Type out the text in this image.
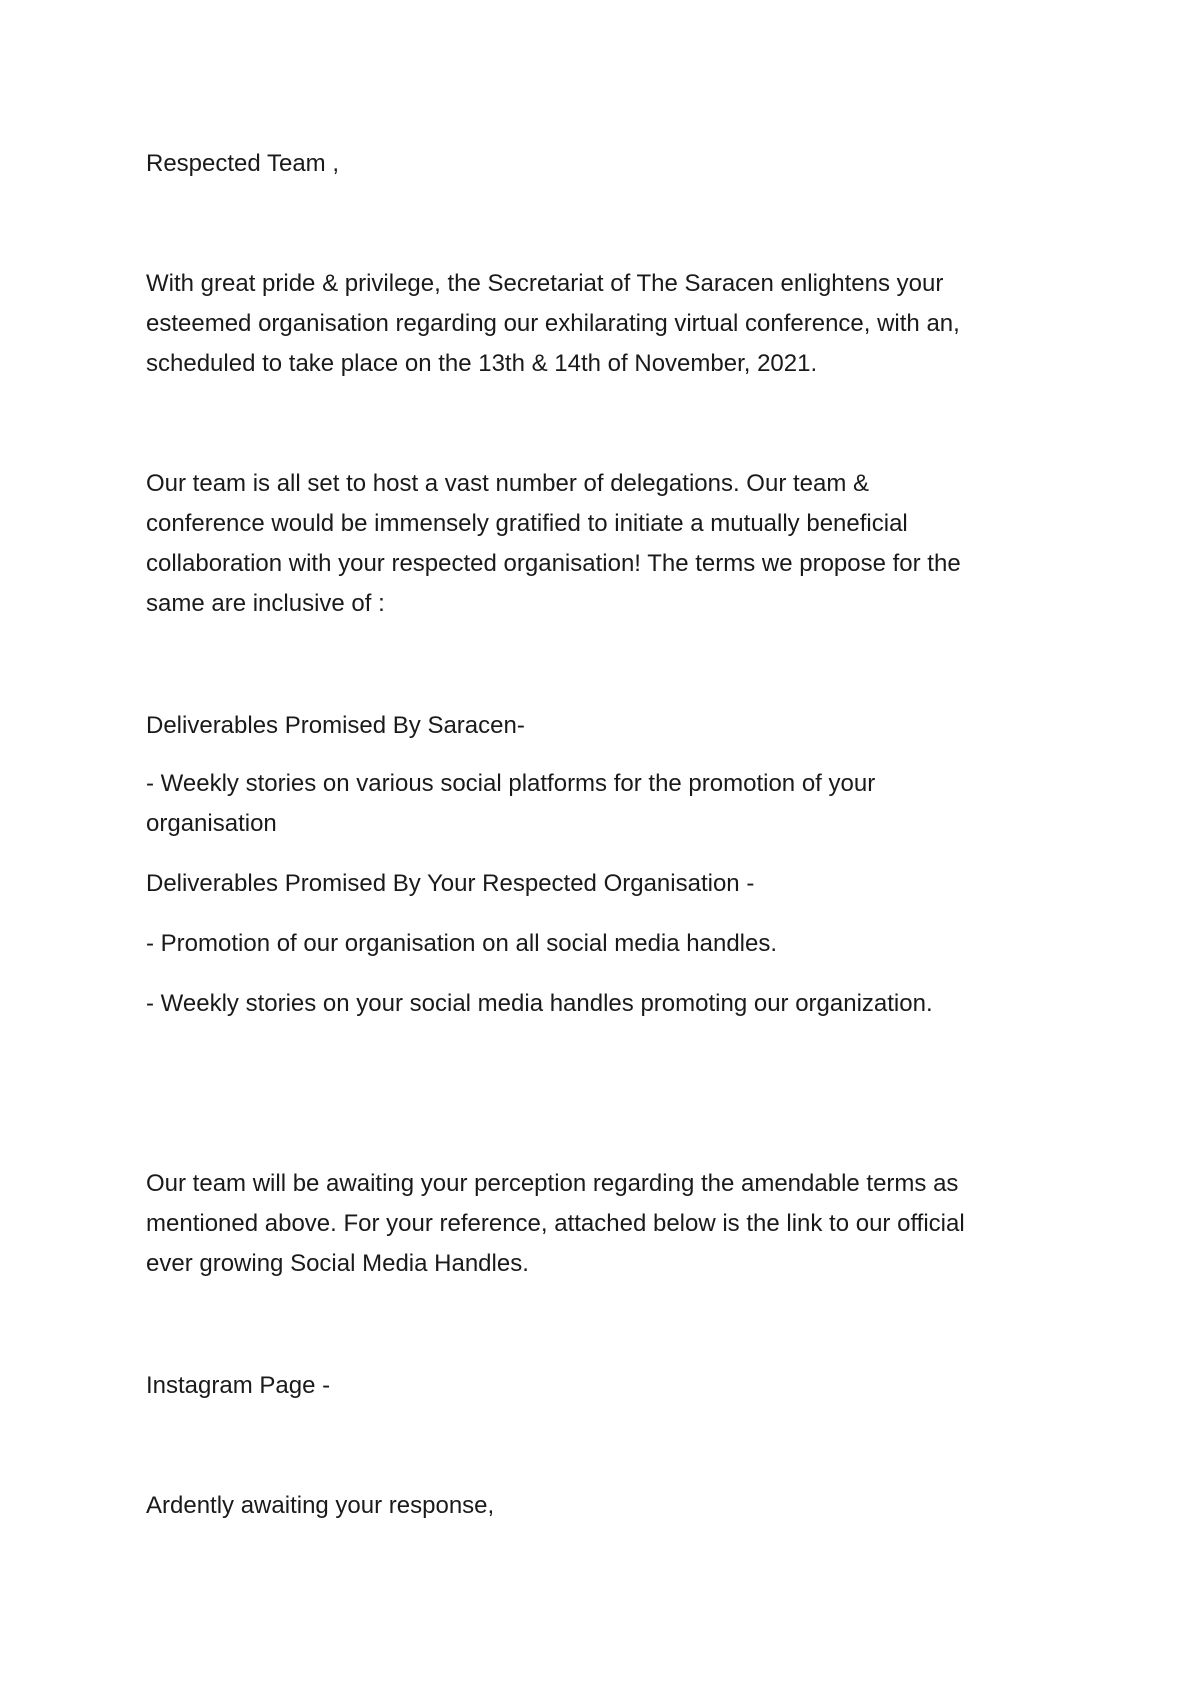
Respected Team ,

With great pride & privilege, the Secretariat of The Saracen enlightens your

esteemed organisation regarding our exhilarating virtual conference, with an,

scheduled to take place on the 13th & 14th of November, 2021.

Our team is all set to host a vast number of delegations. Our team &

conference would be immensely gratified to initiate a mutually beneficial

collaboration with your respected organisation! The terms we propose for the

same are inclusive of :

Deliverables Promised By Saracen-

- Weekly stories on various social platforms for the promotion of your

organisation

Deliverables Promised By Your Respected Organisation -

- Promotion of our organisation on all social media handles.

- Weekly stories on your social media handles promoting our organization.

Our team will be awaiting your perception regarding the amendable terms as

mentioned above. For your reference, attached below is the link to our official

ever growing Social Media Handles.

Instagram Page -

Ardently awaiting your response,
